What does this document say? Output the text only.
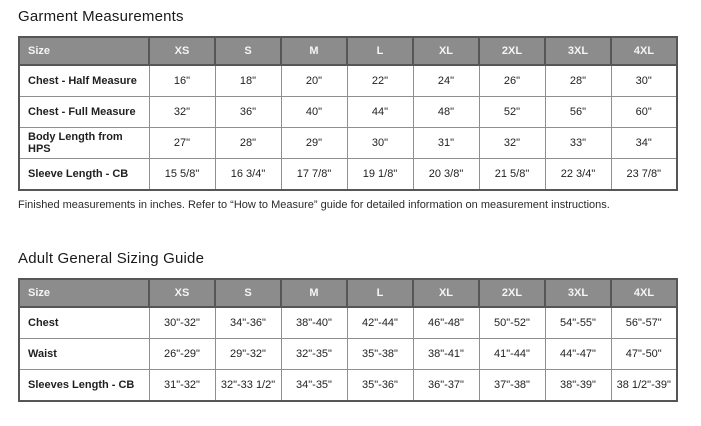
Garment Measurements
Size	XS	S	M	L	XL	2XL	3XL	4XL
Chest - Half Measure	16"	18"	20"	22"	24"	26"	28"	30"
Chest - Full Measure	32"	36"	40"	44"	48"	52"	56"	60"
Body Length from HPS	27"	28"	29"	30"	31"	32"	33"	34"
Sleeve Length - CB	15 5/8"	16 3/4"	17 7/8"	19 1/8"	20 3/8"	21 5/8"	22 3/4"	23 7/8"

Finished measurements in inches. Refer to “How to Measure” guide for detailed information on measurement instructions.

Adult General Sizing Guide
Size	XS	S	M	L	XL	2XL	3XL	4XL
Chest	30"-32"	34"-36"	38"-40"	42"-44"	46"-48"	50"-52"	54"-55"	56"-57"
Waist	26"-29"	29"-32"	32"-35"	35"-38"	38"-41"	41"-44"	44"-47"	47"-50"
Sleeves Length - CB	31"-32"	32"-33 1/2"	34"-35"	35"-36"	36"-37"	37"-38"	38"-39"	38 1/2"-39"
